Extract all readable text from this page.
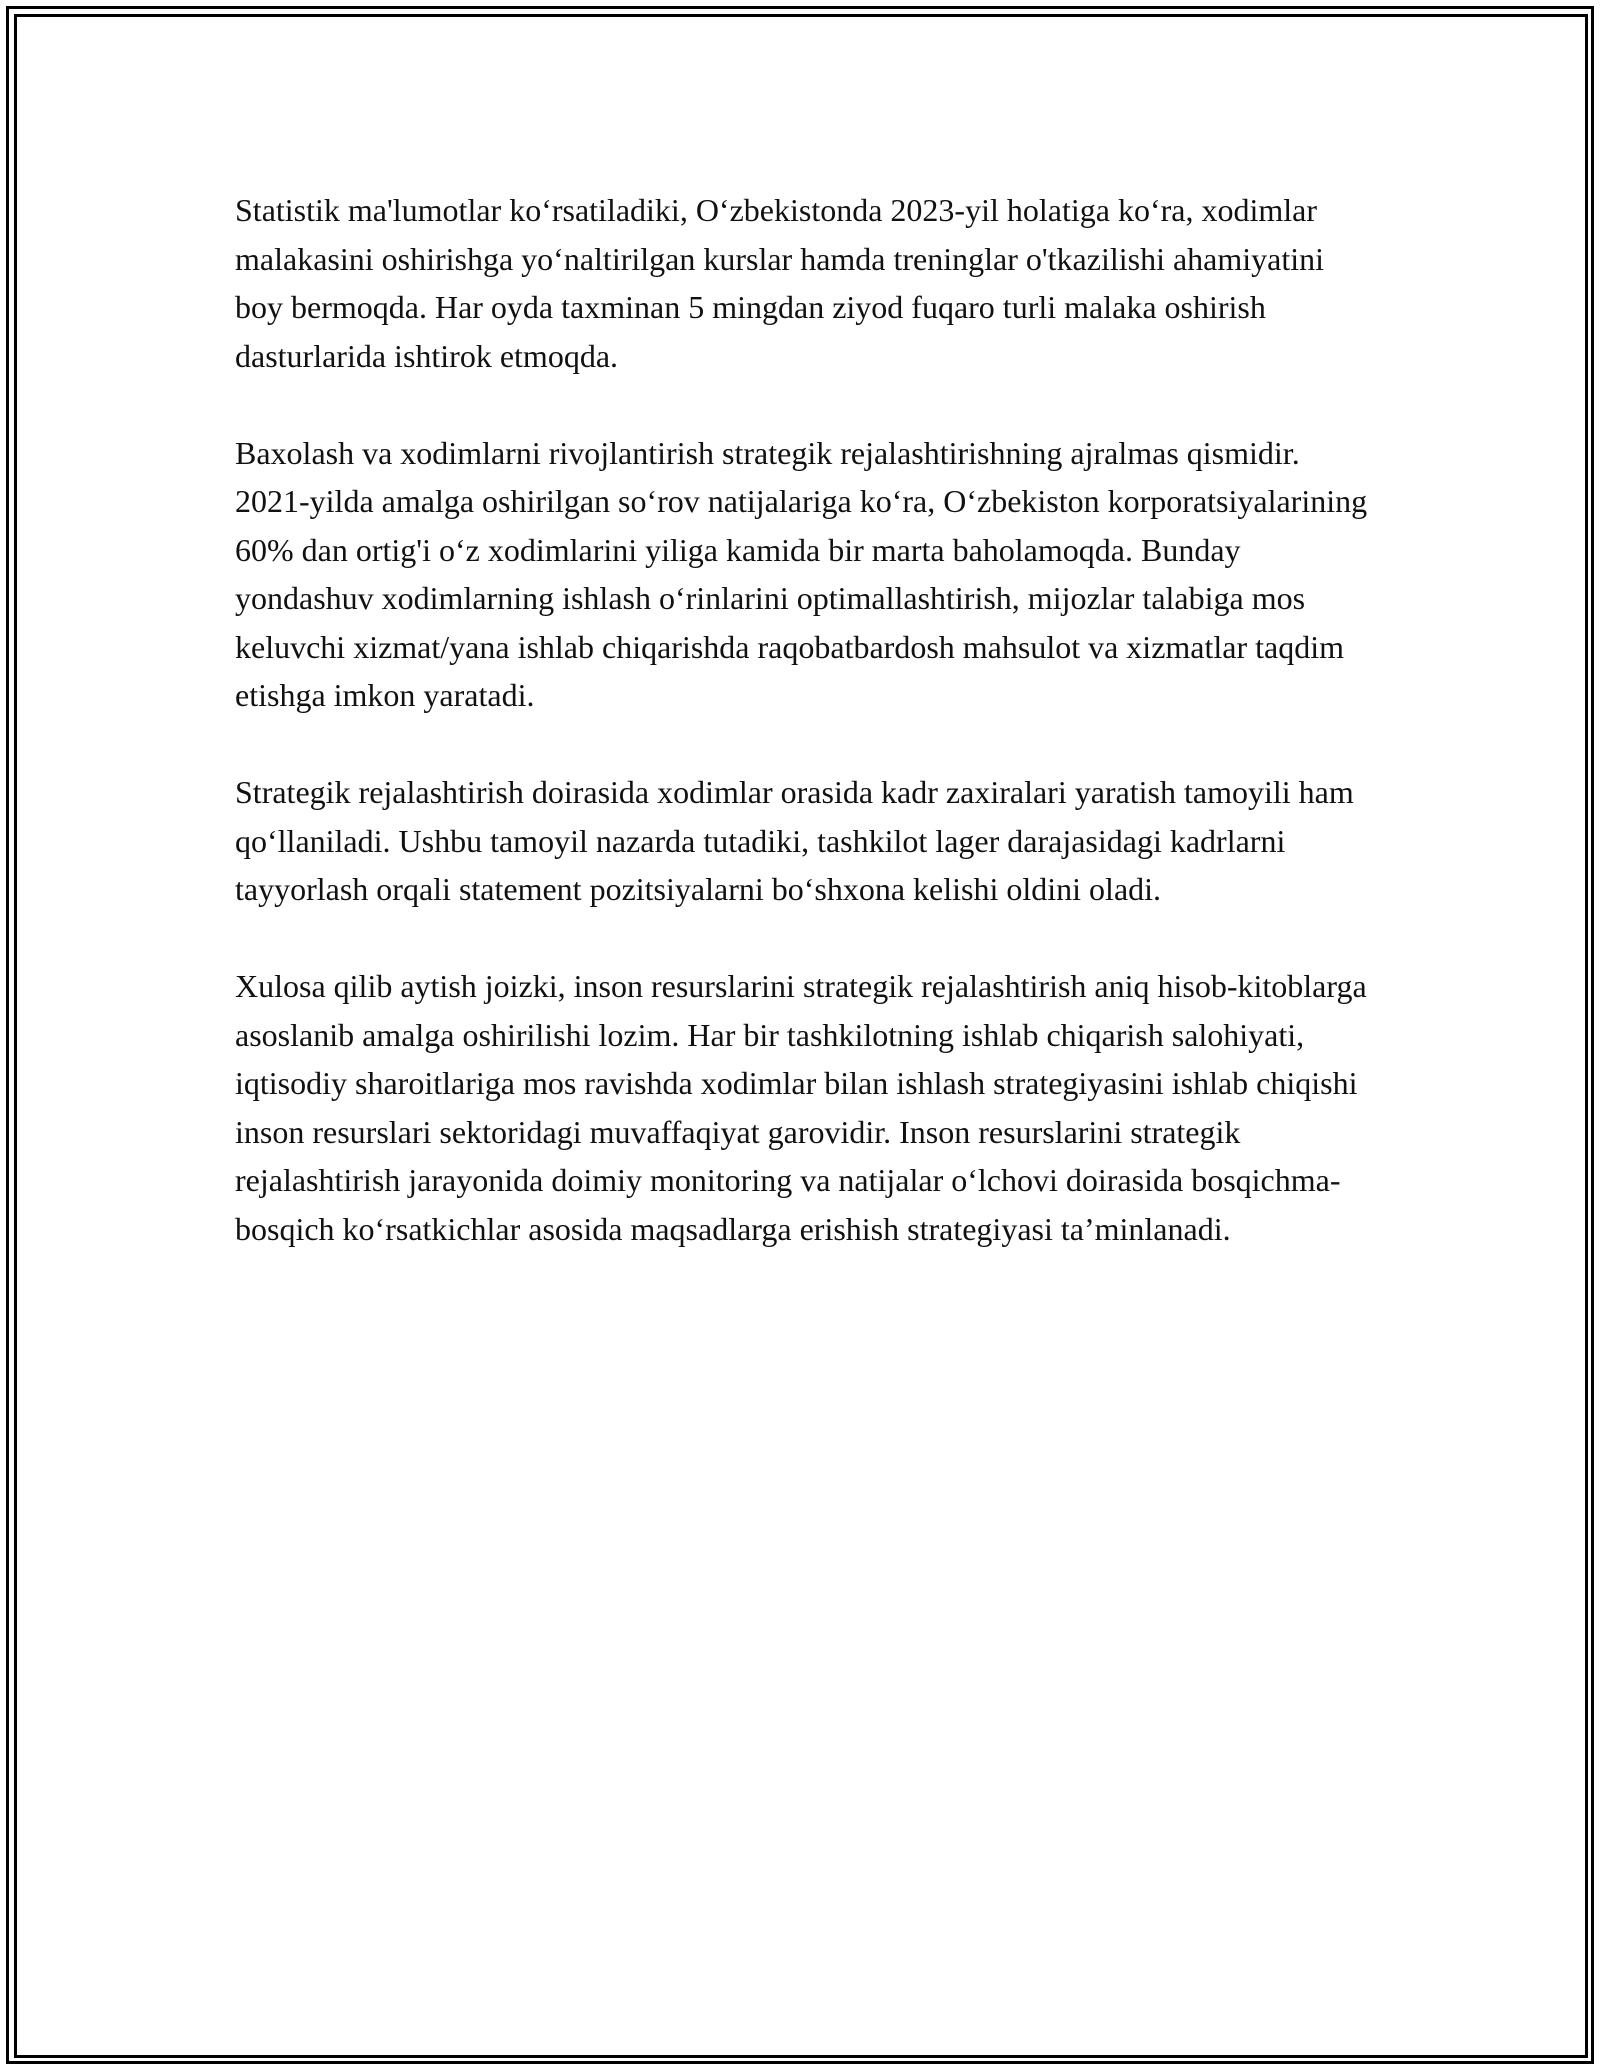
Statistik ma'lumotlar koʻrsatiladiki, Oʻzbekistonda 2023-yil holatiga koʻra, xodimlar malakasini oshirishga yoʻnaltirilgan kurslar hamda treninglar o'tkazilishi ahamiyatini boy bermoqda. Har oyda taxminan 5 mingdan ziyod fuqaro turli malaka oshirish dasturlarida ishtirok etmoqda.

Baxolash va xodimlarni rivojlantirish strategik rejalashtirishning ajralmas qismidir. 2021-yilda amalga oshirilgan soʻrov natijalariga koʻra, Oʻzbekiston korporatsiyalarining 60% dan ortig'i oʻz xodimlarini yiliga kamida bir marta baholamoqda. Bunday yondashuv xodimlarning ishlash oʻrinlarini optimallashtirish, mijozlar talabiga mos keluvchi xizmat/yana ishlab chiqarishda raqobatbardosh mahsulot va xizmatlar taqdim etishga imkon yaratadi.

Strategik rejalashtirish doirasida xodimlar orasida kadr zaxiralari yaratish tamoyili ham qoʻllaniladi. Ushbu tamoyil nazarda tutadiki, tashkilot lager darajasidagi kadrlarni tayyorlash orqali statement pozitsiyalarni boʻshxona kelishi oldini oladi.

Xulosa qilib aytish joizki, inson resurslarini strategik rejalashtirish aniq hisob-kitoblarga asoslanib amalga oshirilishi lozim. Har bir tashkilotning ishlab chiqarish salohiyati, iqtisodiy sharoitlariga mos ravishda xodimlar bilan ishlash strategiyasini ishlab chiqishi inson resurslari sektoridagi muvaffaqiyat garovidir. Inson resurslarini strategik rejalashtirish jarayonida doimiy monitoring va natijalar oʻlchovi doirasida bosqichma-bosqich koʻrsatkichlar asosida maqsadlarga erishish strategiyasi taʼminlanadi.
